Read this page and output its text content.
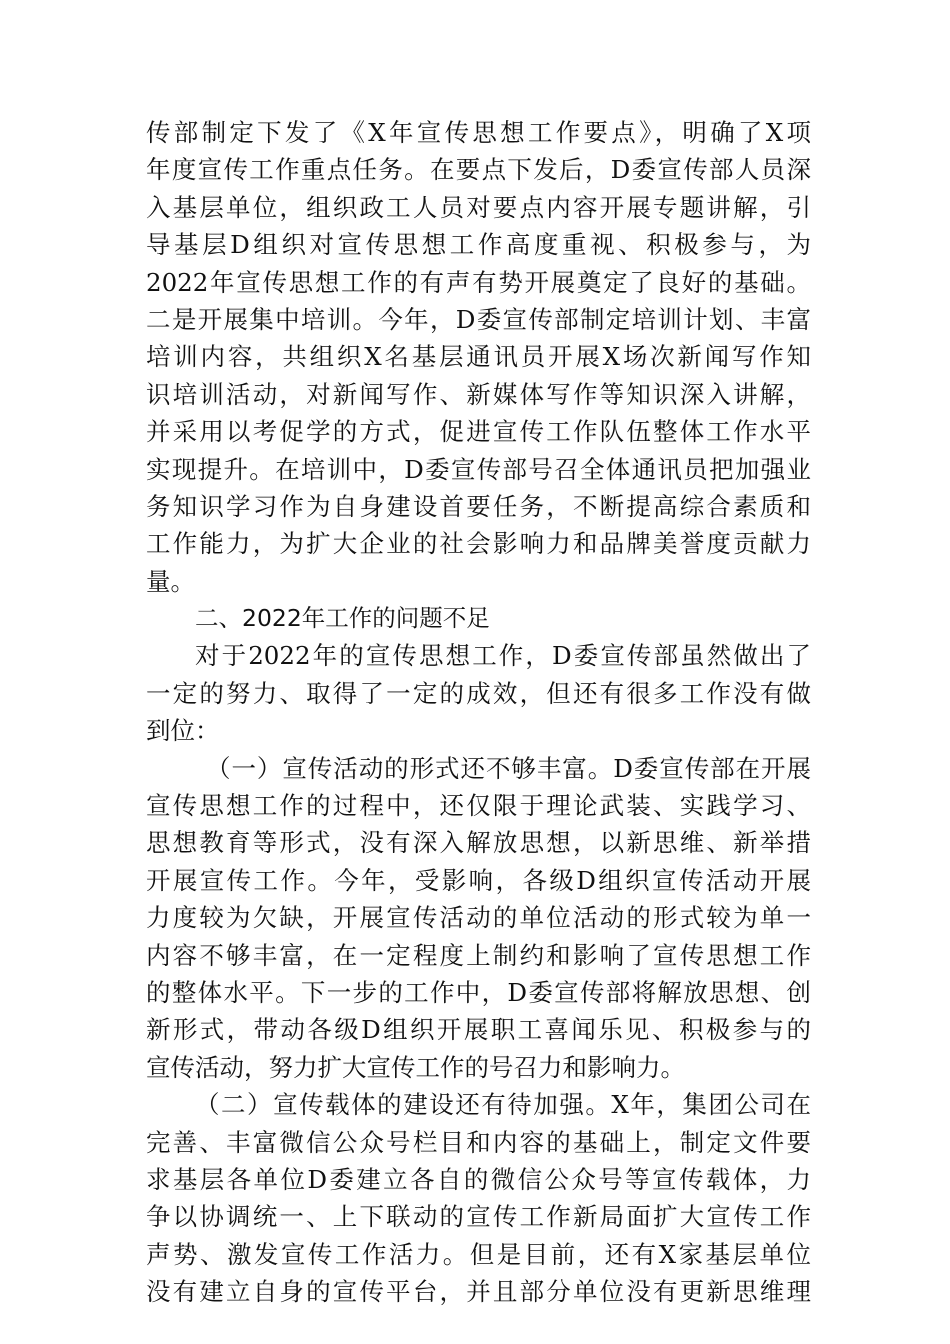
传部制定下发了《X年宣传思想工作要点》，明确了X项
年度宣传工作重点任务。在要点下发后，D委宣传部人员深
入基层单位，组织政工人员对要点内容开展专题讲解，引
导基层D组织对宣传思想工作高度重视、积极参与，为
2022年宣传思想工作的有声有势开展奠定了良好的基础。
二是开展集中培训。今年，D委宣传部制定培训计划、丰富
培训内容，共组织X名基层通讯员开展X场次新闻写作知
识培训活动，对新闻写作、新媒体写作等知识深入讲解，
并采用以考促学的方式，促进宣传工作队伍整体工作水平
实现提升。在培训中，D委宣传部号召全体通讯员把加强业
务知识学习作为自身建设首要任务，不断提高综合素质和
工作能力，为扩大企业的社会影响力和品牌美誉度贡献力
量。
二、2022年工作的问题不足
对于2022年的宣传思想工作，D委宣传部虽然做出了
一定的努力、取得了一定的成效，但还有很多工作没有做
到位：
（一）宣传活动的形式还不够丰富。D委宣传部在开展
宣传思想工作的过程中，还仅限于理论武装、实践学习、
思想教育等形式，没有深入解放思想，以新思维、新举措
开展宣传工作。今年，受影响，各级D组织宣传活动开展
力度较为欠缺，开展宣传活动的单位活动的形式较为单一
内容不够丰富，在一定程度上制约和影响了宣传思想工作
的整体水平。下一步的工作中，D委宣传部将解放思想、创
新形式，带动各级D组织开展职工喜闻乐见、积极参与的
宣传活动，努力扩大宣传工作的号召力和影响力。
（二）宣传载体的建设还有待加强。X年，集团公司在
完善、丰富微信公众号栏目和内容的基础上，制定文件要
求基层各单位D委建立各自的微信公众号等宣传载体，力
争以协调统一、上下联动的宣传工作新局面扩大宣传工作
声势、激发宣传工作活力。但是目前，还有X家基层单位
没有建立自身的宣传平台，并且部分单位没有更新思维理
